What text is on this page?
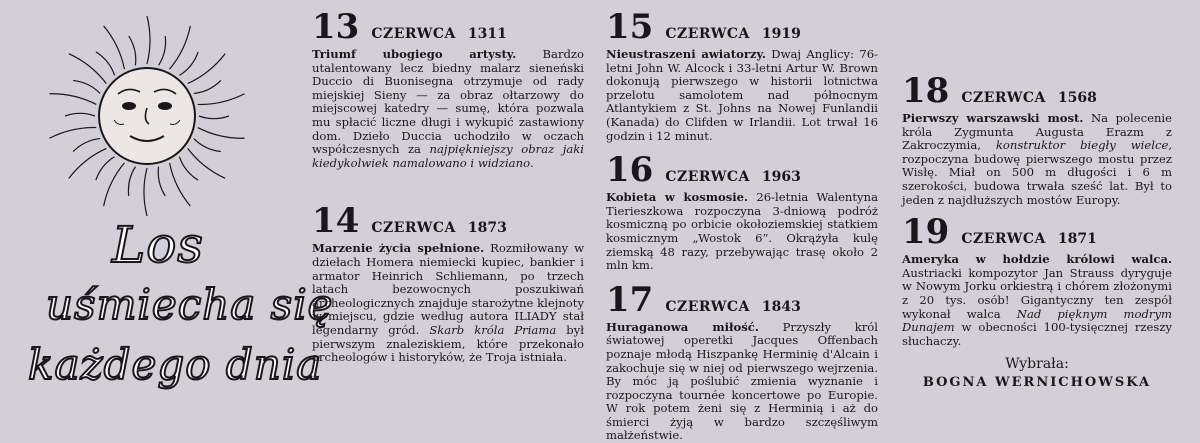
Los
uśmiecha się
każdego dnia
13 CZERWCA 1311

Triumf ubogiego artysty. Bardzo utalentowany lecz biedny malarz sieneński Duccio di Buonisegna otrzymuje od rady miejskiej Sieny — za obraz ołtarzowy do miejscowej katedry — sumę, która pozwala mu spłacić liczne długi i wykupić zastawiony dom. Dzieło Duccia uchodziło w oczach współczesnych za najpiękniejszy obraz jaki kiedykolwiek namalowano i widziano.

14 CZERWCA 1873

Marzenie życia spełnione. Rozmiłowany w dziełach Homera niemiecki kupiec, bankier i armator Heinrich Schliemann, po trzech latach bezowocnych poszukiwań archeologicznych znajduje starożytne klejnoty w miejscu, gdzie według autora ILIADY stał legendarny gród. Skarb króla Priama był pierwszym znaleziskiem, które przekonało archeologów i historyków, że Troja istniała.

15 CZERWCA 1919

Nieustraszeni awiatorzy. Dwaj Anglicy: 76-letni John W. Alcock i 33-letni Artur W. Brown dokonują pierwszego w historii lotnictwa przelotu samolotem nad północnym Atlantykiem z St. Johns na Nowej Funlandii (Kanada) do Clifden w Irlandii. Lot trwał 16 godzin i 12 minut.

16 CZERWCA 1963

Kobieta w kosmosie. 26-letnia Walentyna Tierieszkowa rozpoczyna 3-dniową podróż kosmiczną po orbicie okołoziemskiej statkiem kosmicznym „Wostok 6”. Okrążyła kulę ziemską 48 razy, przebywając trasę około 2 mln km.

17 CZERWCA 1843

Huraganowa miłość. Przyszły król światowej operetki Jacques Offenbach poznaje młodą Hiszpankę Herminię d'Alcain i zakochuje się w niej od pierwszego wejrzenia. By móc ją poślubić zmienia wyznanie i rozpoczyna tournée koncertowe po Europie. W rok potem żeni się z Herminią i aż do śmierci żyją w bardzo szczęśliwym małżeństwie.

18 CZERWCA 1568

Pierwszy warszawski most. Na polecenie króla Zygmunta Augusta Erazm z Zakroczymia, konstruktor biegły wielce, rozpoczyna budowę pierwszego mostu przez Wisłę. Miał on 500 m długości i 6 m szerokości, budowa trwała sześć lat. Był to jeden z najdłuższych mostów Europy.

19 CZERWCA 1871

Ameryka w hołdzie królowi walca. Austriacki kompozytor Jan Strauss dyryguje w Nowym Jorku orkiestrą i chórem złożonymi z 20 tys. osób! Gigantyczny ten zespół wykonał walca Nad pięknym modrym Dunajem w obecności 100-tysięcznej rzeszy słuchaczy.

Wybrała:
BOGNA WERNICHOWSKA
